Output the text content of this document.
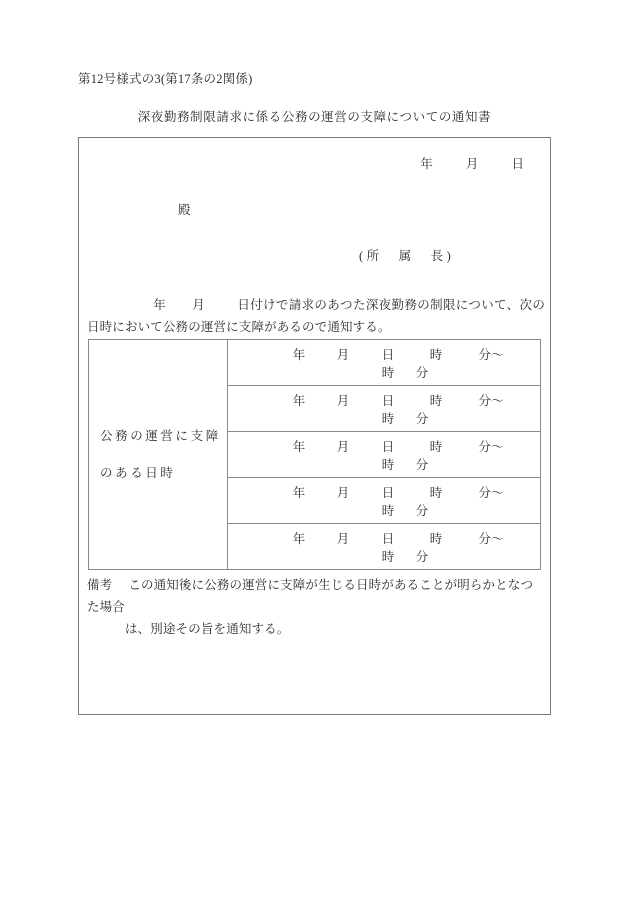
第12号様式の3(第17条の2関係)
深夜勤務制限請求に係る公務の運営の支障についての通知書
年	月	日
殿
(所　属　長)
年 月	日付けで請求のあつた深夜勤務の制限について、次の日時において公務の運営に支障があるので通知する。
公務の運営に支障
のある日時
	年	月	日	時	分〜時 分
年	月	日	時	分〜時 分
年	月	日	時	分〜時 分
年	月	日	時	分〜時 分
年	月	日	時	分〜時 分
備考 この通知後に公務の運営に支障が生じる日時があることが明らかとなつた場合
は、別途その旨を通知する。
